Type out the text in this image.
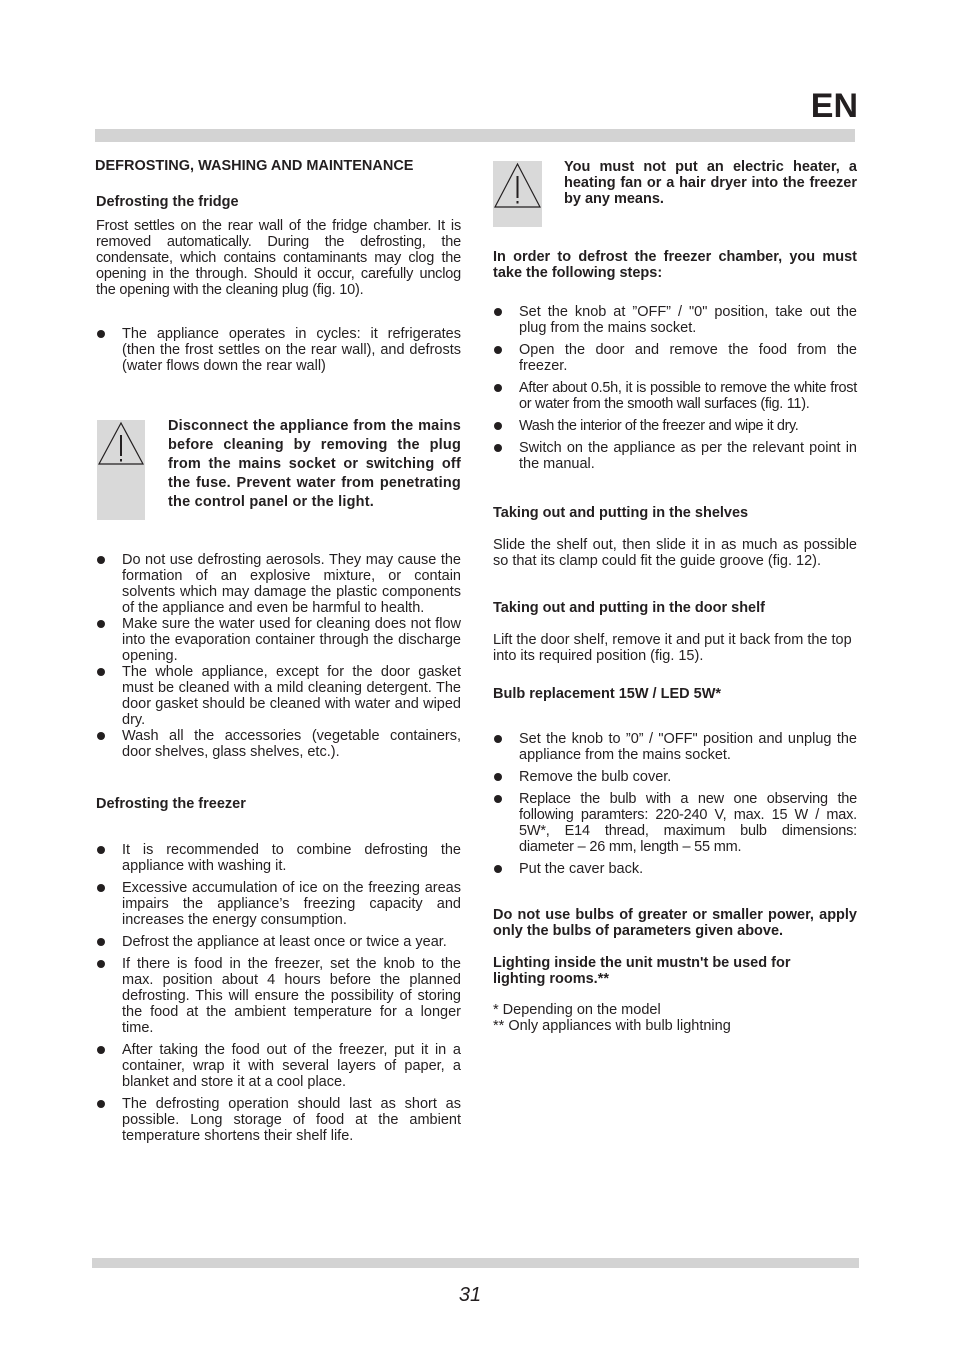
EN

DEFROSTING, WASHING AND MAINTENANCE

Defrosting the fridge

Frost settles on the rear wall of the fridge chamber. It is removed automatically. During the defrosting, the condensate, which contains contaminants may clog the opening in the through. Should it occur, carefully unclog the opening with the cleaning plug (fig. 10).

The appliance operates in cycles: it refrigerates (then the frost settles on the rear wall), and defrosts (water flows down the rear wall)
Disconnect the appliance from the mains before cleaning by removing the plug from the mains socket or switching off the fuse. Prevent water from penetrating the control panel or the light.
Do not use defrosting aerosols. They may cause the formation of an explosive mixture, or contain solvents which may damage the plastic components of the appliance and even be harmful to health.
Make sure the water used for cleaning does not flow into the evaporation container through the discharge opening.
The whole appliance, except for the door gasket must be cleaned with a mild cleaning detergent. The door gasket should be cleaned with water and wiped dry.
Wash all the accessories (vegetable containers, door shelves, glass shelves, etc.).

Defrosting the freezer

It is recommended to combine defrosting the appliance with washing it.
Excessive accumulation of ice on the freezing areas impairs the appliance’s freezing capacity and increases the energy consumption.
Defrost the appliance at least once or twice a year.
If there is food in the freezer, set the knob to the max. position about 4 hours before the planned defrosting. This will ensure the possibility of storing the food at the ambient temperature for a longer time.
After taking the food out of the freezer, put it in a container, wrap it with several layers of paper, a blanket and store it at a cool place.
The defrosting operation should last as short as possible. Long storage of food at the ambient temperature shortens their shelf life.
You must not put an electric heater, a heating fan or a hair dryer into the freezer by any means.

In order to defrost the freezer chamber, you must take the following steps:

Set the knob at ”OFF” / "0" position, take out the plug from the mains socket.
Open the door and remove the food from the freezer.
After about 0.5h, it is possible to remove the white frost or water from the smooth wall surfaces (fig. 11).
Wash the interior of the freezer and wipe it dry.
Switch on the appliance as per the relevant point in the manual.

Taking out and putting in the shelves

Slide the shelf out, then slide it in as much as possible so that its clamp could fit the guide groove (fig. 12).

Taking out and putting in the door shelf

Lift the door shelf, remove it and put it back from the top into its required position (fig. 15).

Bulb replacement 15W / LED 5W*

Set the knob to ”0” / "OFF" position and unplug the appliance from the mains socket.
Remove the bulb cover.
Replace the bulb with a new one observing the following paramters: 220-240 V, max. 15 W / max. 5W*, E14 thread, maximum bulb dimensions: diameter – 26 mm, length – 55 mm.
Put the caver back.

Do not use bulbs of greater or smaller power, apply only the bulbs of parameters given above.

Lighting inside the unit mustn't be used for lighting rooms.**

* Depending on the model

** Only appliances with bulb lightning

31
